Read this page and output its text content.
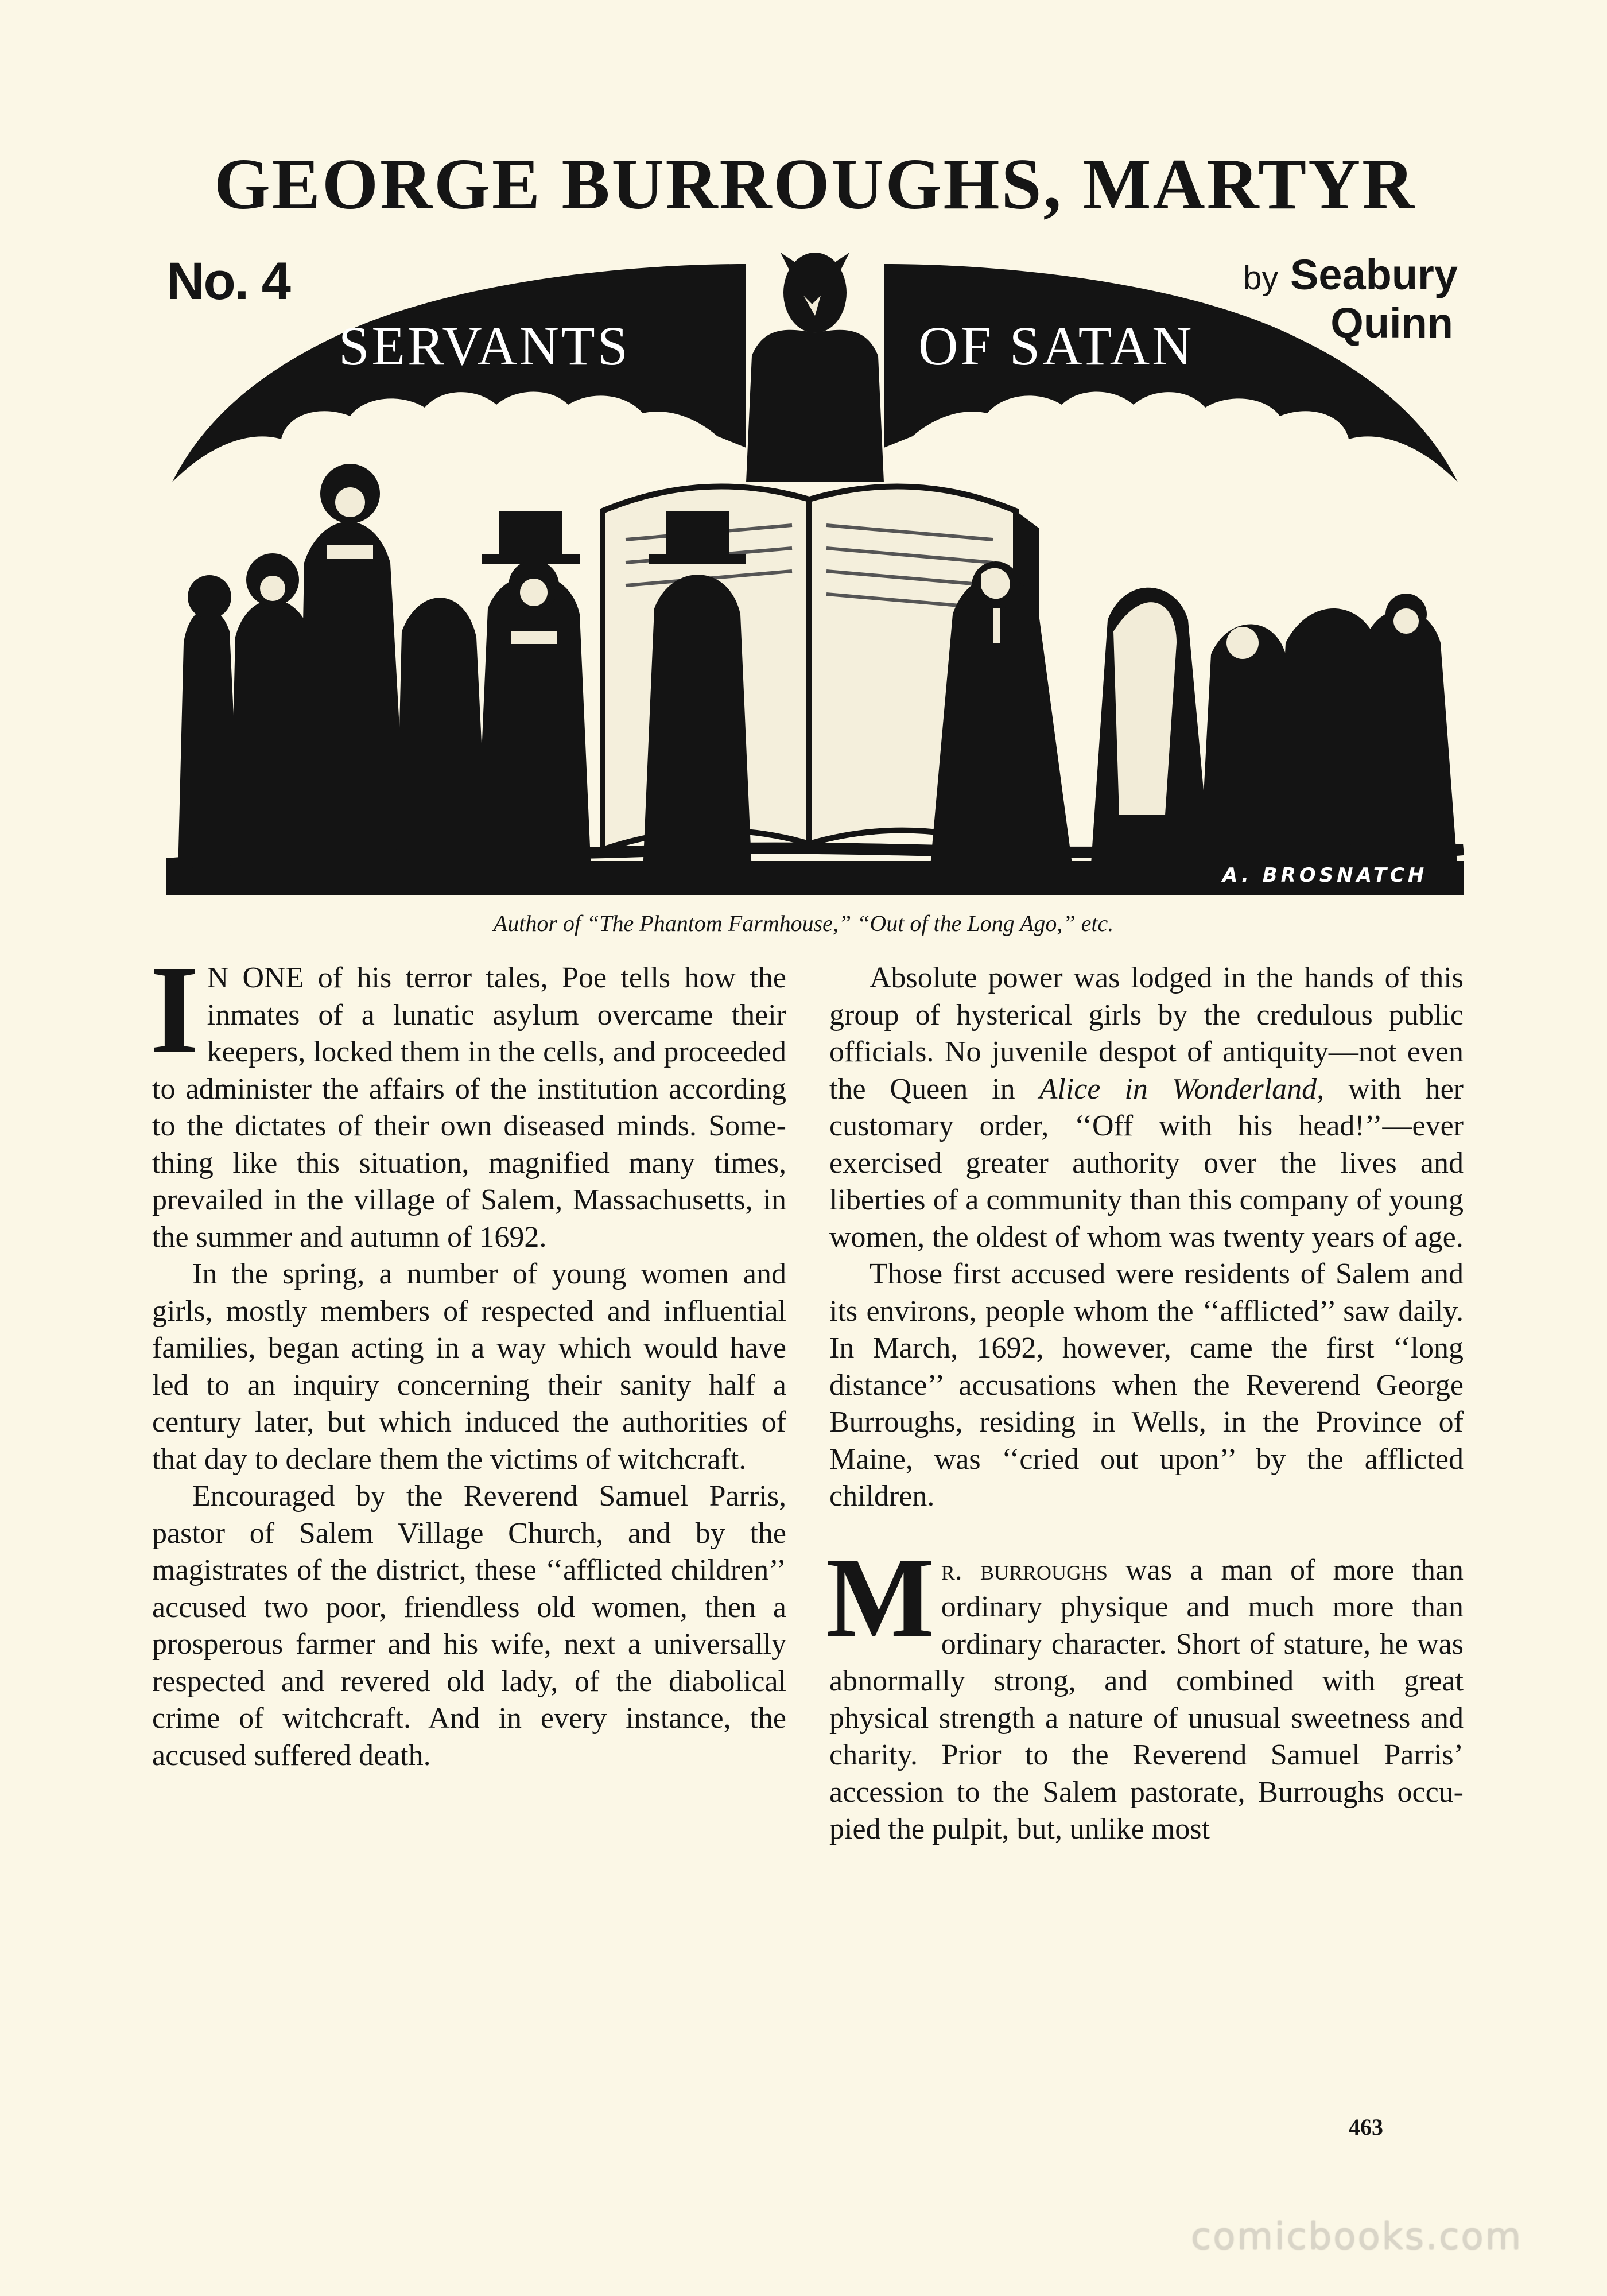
GEORGE BURROUGHS, MARTYR
No. 4	by Seabury
Quinn
SERVANTS	OF SATAN
A. BROSNATCH
Author of “The Phantom Farmhouse,” “Out of the Long Ago,” etc.

I N ONE of his terror tales, Poe tells how the inmates of a lunatic asylum overcame their keepers, locked them in the cells, and proceeded to administer the affairs of the institution according to the dictates of their own diseased minds. Something like this situation, magnified many times, prevailed in the village of Salem, Massachusetts, in the summer and autumn of 1692.

In the spring, a number of young women and girls, mostly members of respected and influential families, began acting in a way which would have led to an inquiry concerning their sanity half a century later, but which induced the authorities of that day to declare them the victims of witchcraft.

Encouraged by the Reverend Samuel Parris, pastor of Salem Village Church, and by the magistrates of the district, these ‘‘afflicted children’’ accused two poor, friendless old women, then a prosperous farmer and his wife, next a universally respected and revered old lady, of the diabolical crime of witchcraft. And in every instance, the accused suffered death.

Absolute power was lodged in the hands of this group of hysterical girls by the credulous public officials. No juvenile despot of antiquity—not even the Queen in Alice in Wonderland, with her customary order, ‘‘Off with his head!’’—ever exercised greater authority over the lives and liberties of a community than this company of young women, the oldest of whom was twenty years of age.

Those first accused were residents of Salem and its environs, people whom the ‘‘afflicted’’ saw daily. In March, 1692, however, came the first ‘‘long distance’’ accusations when the Reverend George Burroughs, residing in Wells, in the Province of Maine, was ‘‘cried out upon’’ by the afflicted children.

Mr. burroughs was a man of more than ordinary physique and much more than ordinary character. Short of stature, he was abnormally strong, and combined with great physical strength a nature of unusual sweetness and charity. Prior to the Reverend Samuel Parris’ accession to the Salem pastorate, Burroughs occupied the pulpit, but, unlike most

463
comicbooks.com
